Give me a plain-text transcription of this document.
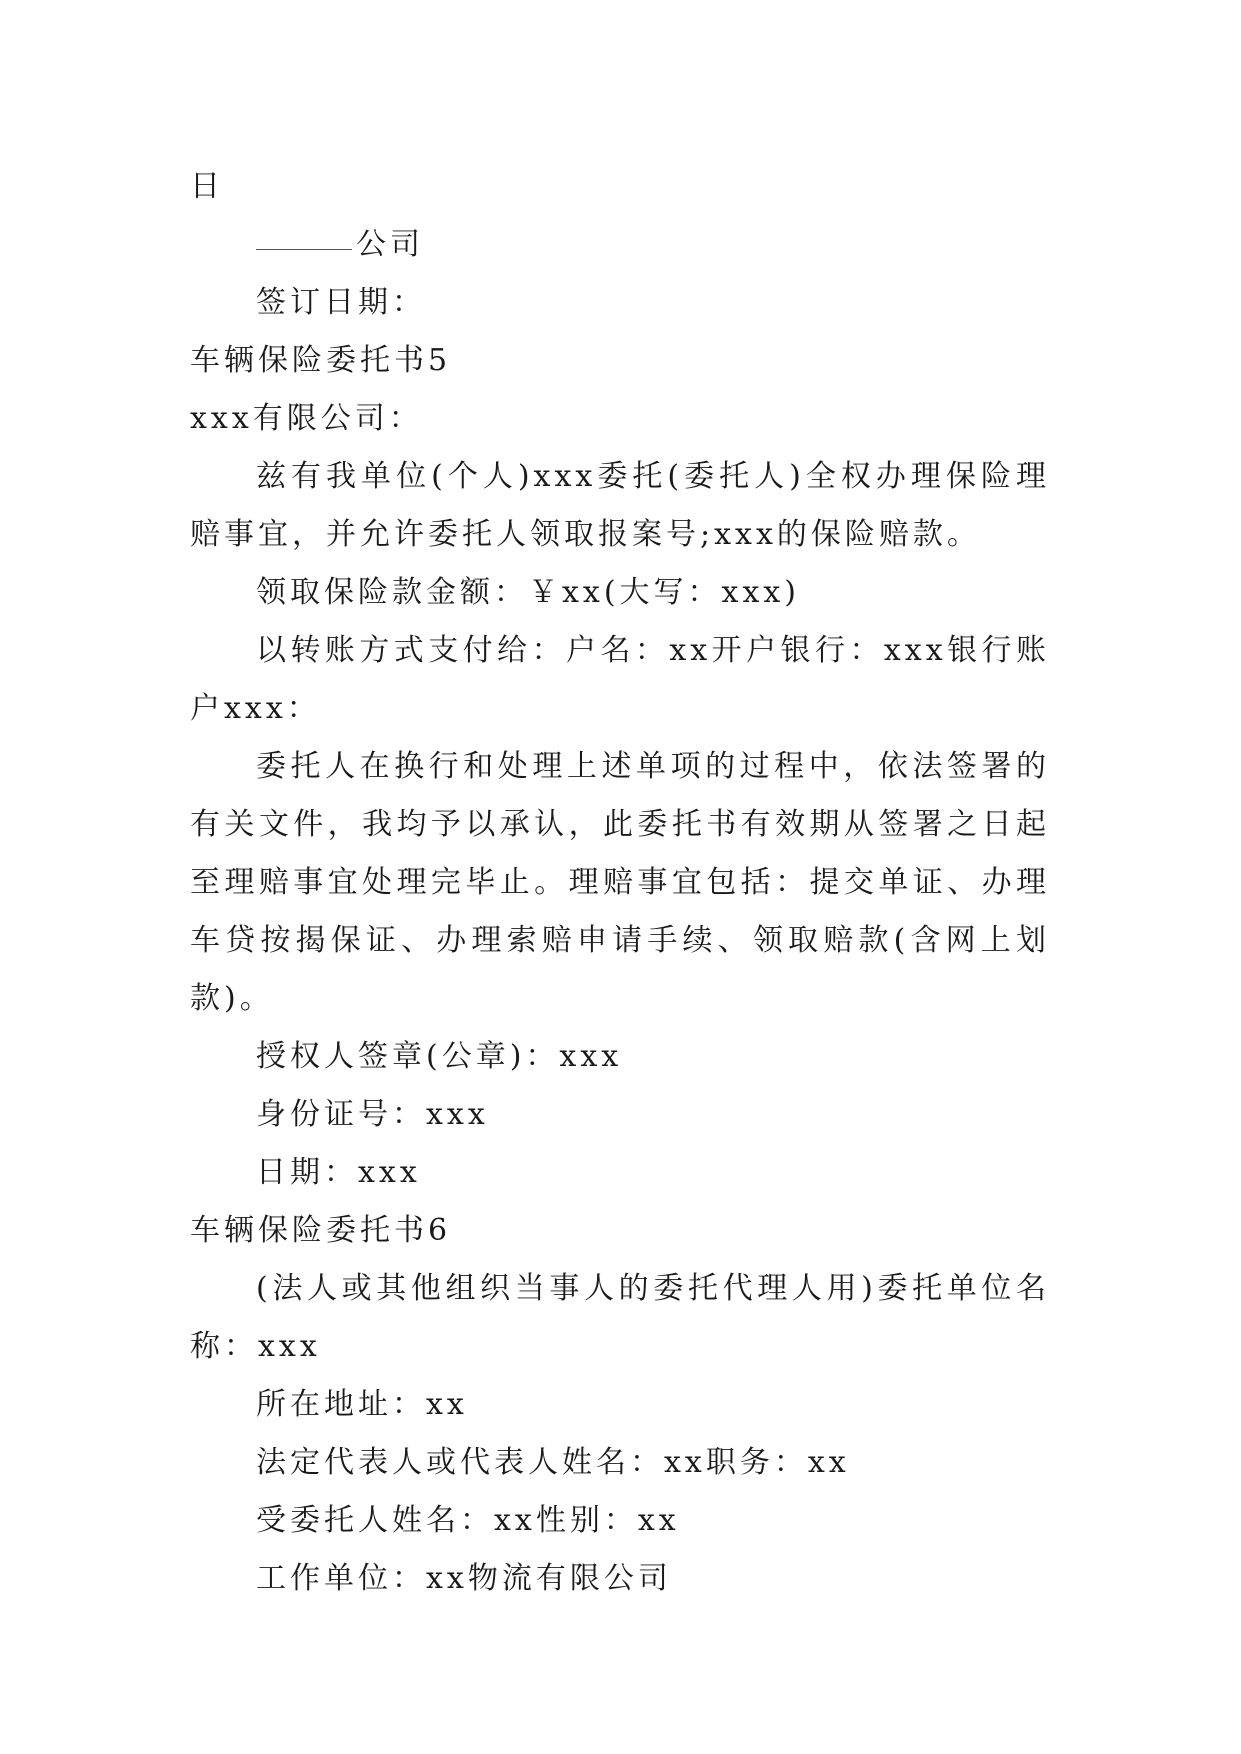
日
公司
签订日期：
车辆保险委托书5
xxx有限公司：
兹有我单位(个人)xxx委托(委托人)全权办理保险理赔事宜，并允许委托人领取报案号;xxx的保险赔款。
领取保险款金额：￥xx(大写：xxx)
以转账方式支付给：户名：xx开户银行：xxx银行账户xxx：
委托人在换行和处理上述单项的过程中，依法签署的有关文件，我均予以承认，此委托书有效期从签署之日起至理赔事宜处理完毕止。理赔事宜包括：提交单证、办理车贷按揭保证、办理索赔申请手续、领取赔款(含网上划款)。
授权人签章(公章)：xxx
身份证号：xxx
日期：xxx
车辆保险委托书6
(法人或其他组织当事人的委托代理人用)委托单位名称：xxx
所在地址：xx
法定代表人或代表人姓名：xx职务：xx
受委托人姓名：xx性别：xx
工作单位：xx物流有限公司
